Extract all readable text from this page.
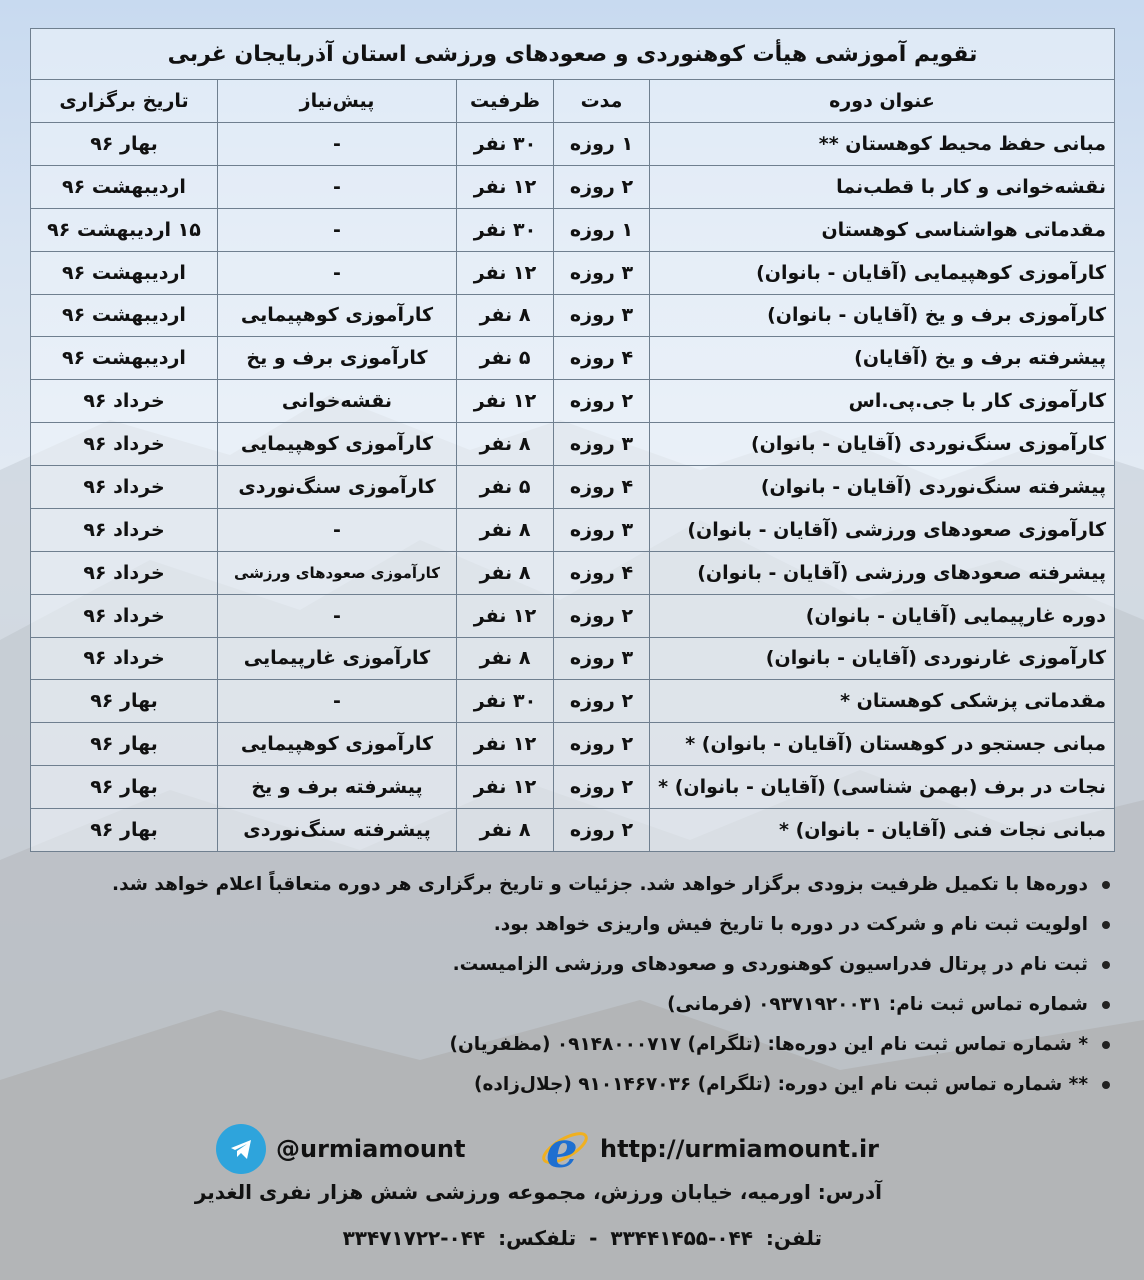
تقویم آموزشی هیأت کوهنوردی و صعودهای ورزشی استان آذربایجان غربی				
عنوان دوره	مدت	ظرفیت	پیش‌نیاز	تاریخ برگزاری
مبانی حفظ محیط کوهستان **	۱ روزه	۳۰ نفر	-	بهار ۹۶
نقشه‌خوانی و کار با قطب‌نما	۲ روزه	۱۲ نفر	-	اردیبهشت ۹۶
مقدماتی هواشناسی کوهستان	۱ روزه	۳۰ نفر	-	۱۵ اردیبهشت ۹۶
کارآموزی کوهپیمایی (آقایان - بانوان)	۳ روزه	۱۲ نفر	-	اردیبهشت ۹۶
کارآموزی برف و یخ (آقایان - بانوان)	۳ روزه	۸ نفر	کارآموزی کوهپیمایی	اردیبهشت ۹۶
پیشرفته برف و یخ (آقایان)	۴ روزه	۵ نفر	کارآموزی برف و یخ	اردیبهشت ۹۶
کارآموزی کار با جی.پی.اس	۲ روزه	۱۲ نفر	نقشه‌خوانی	خرداد ۹۶
کارآموزی سنگ‌نوردی (آقایان - بانوان)	۳ روزه	۸ نفر	کارآموزی کوهپیمایی	خرداد ۹۶
پیشرفته سنگ‌نوردی (آقایان - بانوان)	۴ روزه	۵ نفر	کارآموزی سنگ‌نوردی	خرداد ۹۶
کارآموزی صعودهای ورزشی (آقایان - بانوان)	۳ روزه	۸ نفر	-	خرداد ۹۶
پیشرفته صعودهای ورزشی (آقایان - بانوان)	۴ روزه	۸ نفر	کارآموزی صعودهای ورزشی	خرداد ۹۶
دوره غارپیمایی (آقایان - بانوان)	۲ روزه	۱۲ نفر	-	خرداد ۹۶
کارآموزی غارنوردی (آقایان - بانوان)	۳ روزه	۸ نفر	کارآموزی غارپیمایی	خرداد ۹۶
مقدماتی پزشکی کوهستان *	۲ روزه	۳۰ نفر	-	بهار ۹۶
مبانی جستجو در کوهستان (آقایان - بانوان) *	۲ روزه	۱۲ نفر	کارآموزی کوهپیمایی	بهار ۹۶
نجات در برف (بهمن شناسی) (آقایان - بانوان) *	۲ روزه	۱۲ نفر	پیشرفته برف و یخ	بهار ۹۶
مبانی نجات فنی (آقایان - بانوان) *	۲ روزه	۸ نفر	پیشرفته سنگ‌نوردی	بهار ۹۶
دوره‌ها با تکمیل ظرفیت بزودی برگزار خواهد شد. جزئیات و تاریخ برگزاری هر دوره متعاقباً اعلام خواهد شد.
اولویت ثبت نام و شرکت در دوره با تاریخ فیش واریزی خواهد بود.
ثبت نام در پرتال فدراسیون کوهنوردی و صعودهای ورزشی الزامیست.
شماره تماس ثبت نام: ۰۹۳۷۱۹۲۰۰۳۱ (فرمانی)
* شماره تماس ثبت نام این دوره‌ها: (تلگرام) ۰۹۱۴۸۰۰۰۷۱۷ (مظفریان)
** شماره تماس ثبت نام این دوره: (تلگرام) ۹۱۰۱۴۶۷۰۳۶ (جلال‌زاده)
@urmiamount e http://urmiamount.ir
آدرس: اورمیه، خیابان ورزش، مجموعه ورزشی شش هزار نفری الغدیر
تلفن: ۰۴۴-۳۳۴۴۱۴۵۵ - تلفکس: ۰۴۴-۳۳۴۷۱۷۲۲
